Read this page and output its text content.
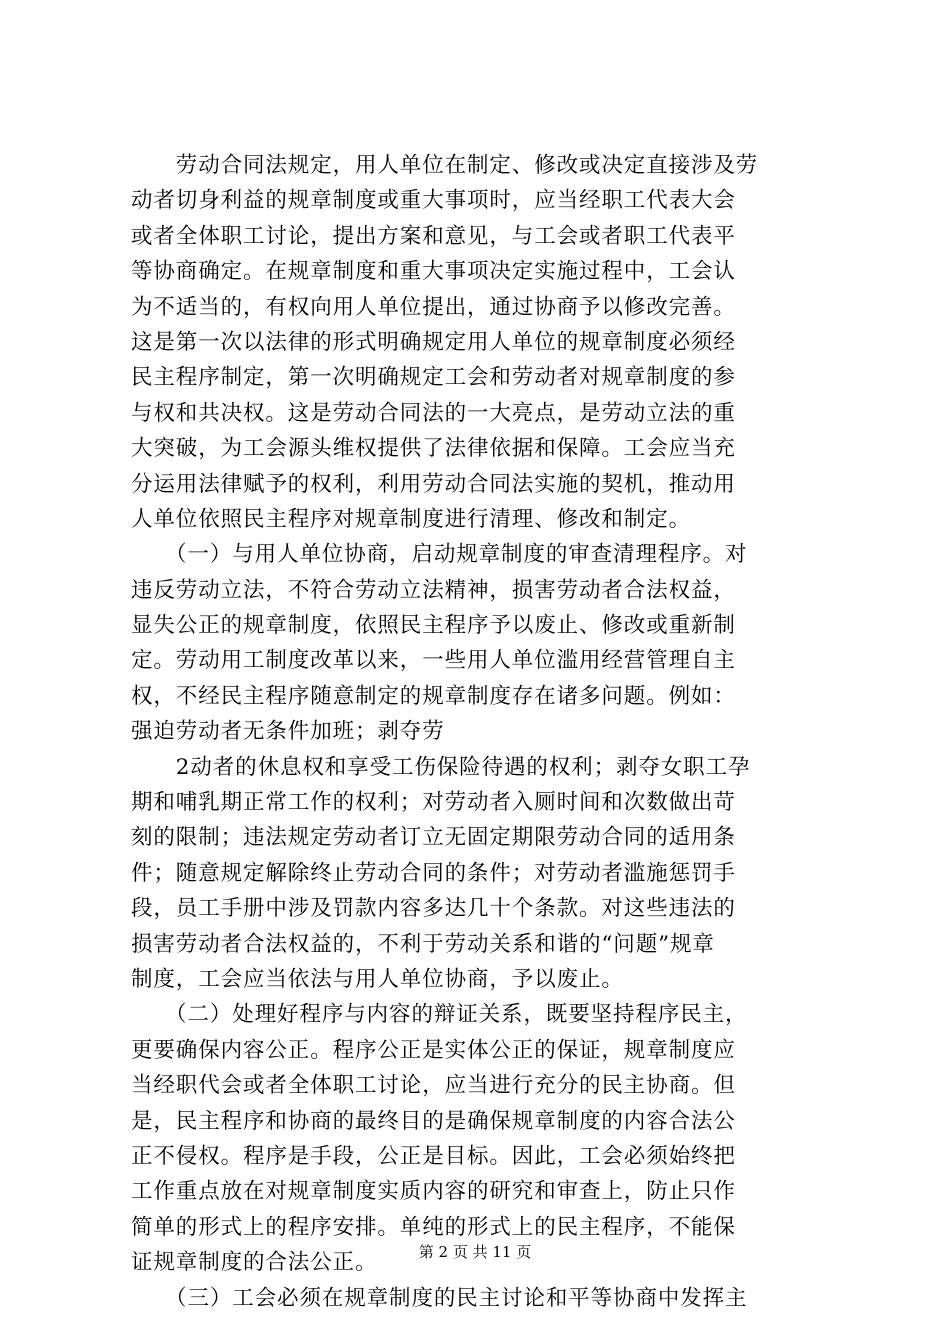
　　劳动合同法规定，用人单位在制定、修改或决定直接涉及劳
动者切身利益的规章制度或重大事项时，应当经职工代表大会
或者全体职工讨论，提出方案和意见，与工会或者职工代表平
等协商确定。在规章制度和重大事项决定实施过程中，工会认
为不适当的，有权向用人单位提出，通过协商予以修改完善。
这是第一次以法律的形式明确规定用人单位的规章制度必须经
民主程序制定，第一次明确规定工会和劳动者对规章制度的参
与权和共决权。这是劳动合同法的一大亮点，是劳动立法的重
大突破，为工会源头维权提供了法律依据和保障。工会应当充
分运用法律赋予的权利，利用劳动合同法实施的契机，推动用
人单位依照民主程序对规章制度进行清理、修改和制定。
　　（一）与用人单位协商，启动规章制度的审查清理程序。对
违反劳动立法，不符合劳动立法精神，损害劳动者合法权益，
显失公正的规章制度，依照民主程序予以废止、修改或重新制
定。劳动用工制度改革以来，一些用人单位滥用经营管理自主
权，不经民主程序随意制定的规章制度存在诸多问题。例如：
强迫劳动者无条件加班；剥夺劳
　　2动者的休息权和享受工伤保险待遇的权利；剥夺女职工孕
期和哺乳期正常工作的权利；对劳动者入厕时间和次数做出苛
刻的限制；违法规定劳动者订立无固定期限劳动合同的适用条
件；随意规定解除终止劳动合同的条件；对劳动者滥施惩罚手
段，员工手册中涉及罚款内容多达几十个条款。对这些违法的
损害劳动者合法权益的，不利于劳动关系和谐的“问题”规章
制度，工会应当依法与用人单位协商，予以废止。
　　（二）处理好程序与内容的辩证关系，既要坚持程序民主，
更要确保内容公正。程序公正是实体公正的保证，规章制度应
当经职代会或者全体职工讨论，应当进行充分的民主协商。但
是，民主程序和协商的最终目的是确保规章制度的内容合法公
正不侵权。程序是手段，公正是目标。因此，工会必须始终把
工作重点放在对规章制度实质内容的研究和审查上，防止只作
简单的形式上的程序安排。单纯的形式上的民主程序，不能保
证规章制度的合法公正。
　　（三）工会必须在规章制度的民主讨论和平等协商中发挥主
第 2 页 共 11 页
